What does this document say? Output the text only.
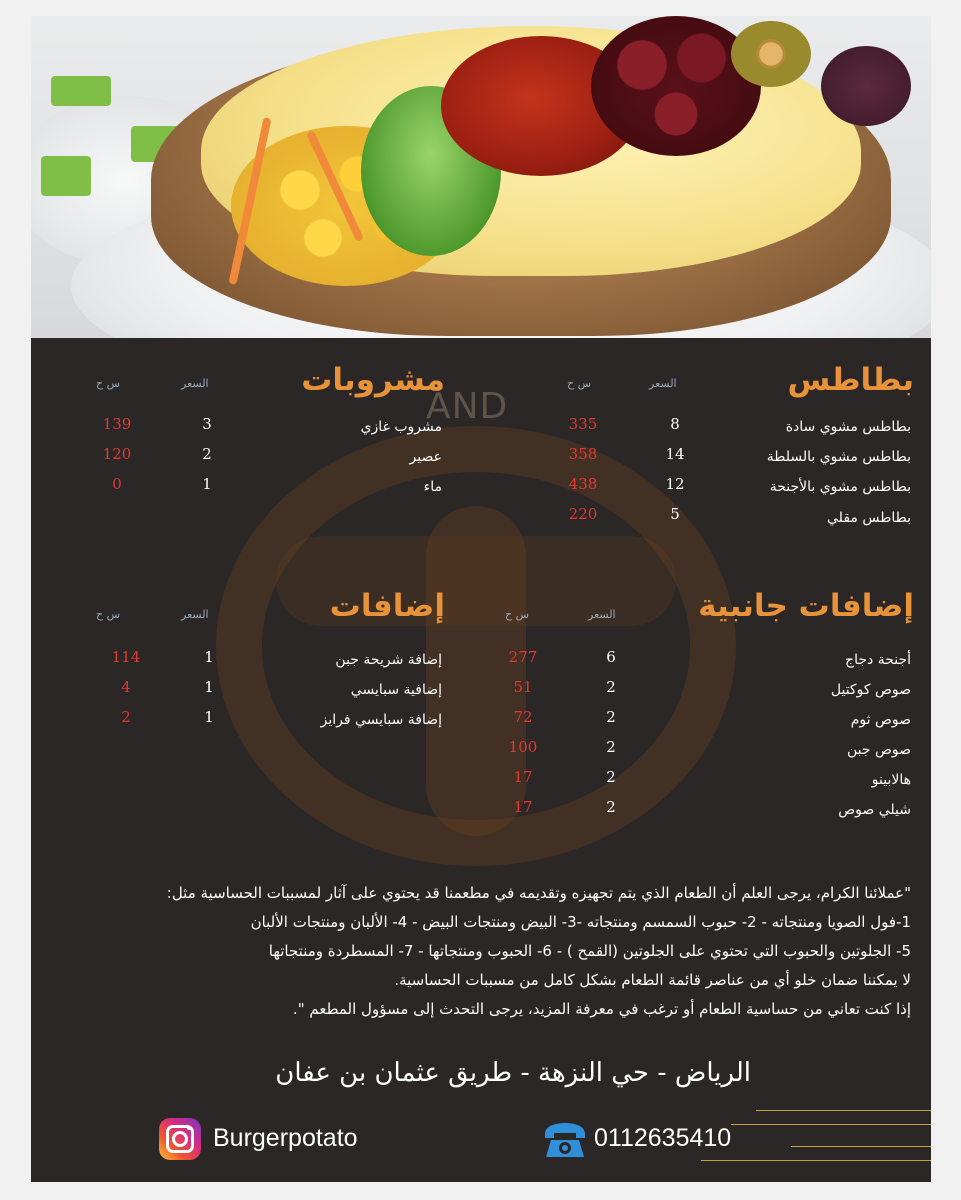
AND
بطاطس
السعر
س ح
بطاطس مشوي سادة
8
335
بطاطس مشوي بالسلطة
14
358
بطاطس مشوي بالأجنحة
12
438
بطاطس مقلي
5
220
مشروبات
السعر
س ح
مشروب غازي
3
139
عصير
2
120
ماء
1
0
إضافات جانبية
السعر
س ح
أجنحة دجاج
6
277
صوص كوكتيل
2
51
صوص ثوم
2
72
صوص جبن
2
100
هالابينو
2
17
شيلي صوص
2
17
إضافات
السعر
س ح
إضافة شريحة جبن
1
114
إضافية سبايسي
1
4
إضافة سبايسي فرايز
1
2
"عملائنا الكرام، يرجى العلم أن الطعام الذي يتم تجهيزه وتقديمه في مطعمنا قد يحتوي على آثار لمسببات الحساسية مثل:
1-فول الصويا ومنتجاته - 2- حبوب السمسم ومنتجاته -3- البيض ومنتجات البيض - 4- الألبان ومنتجات الألبان
5- الجلوتين والحبوب التي تحتوي على الجلوتين (القمح ) - 6- الحبوب ومنتجاتها - 7- المسطردة ومنتجاتها
لا يمكننا ضمان خلو أي من عناصر قائمة الطعام بشكل كامل من مسببات الحساسية.
إذا كنت تعاني من حساسية الطعام أو ترغب في معرفة المزيد، يرجى التحدث إلى مسؤول المطعم ".
الرياض - حي النزهة - طريق عثمان بن عفان
Burgerpotato	0112635410
